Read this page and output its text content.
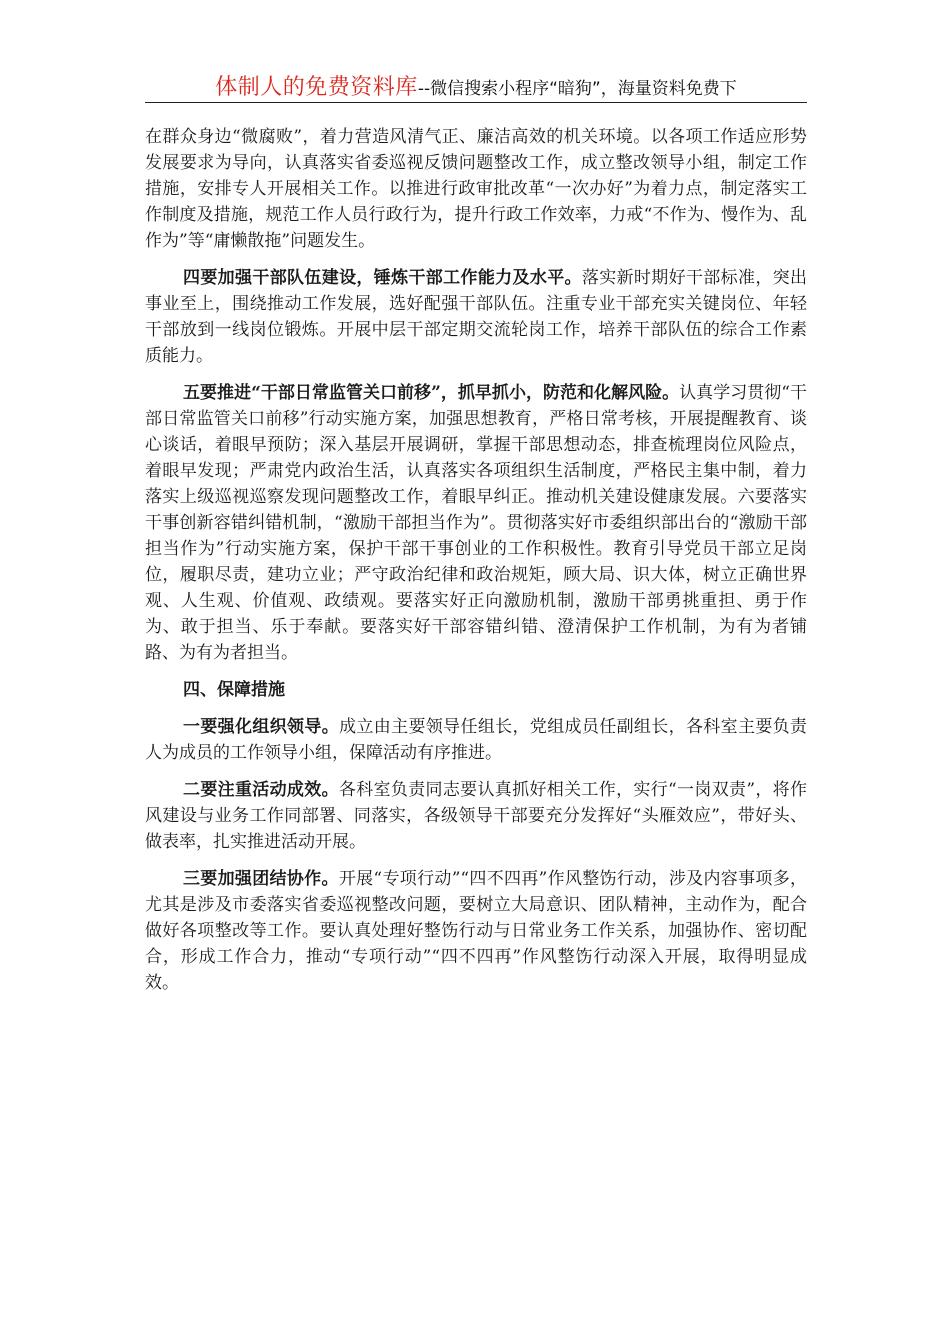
体制人的免费资料库--微信搜索小程序“暗狗”，海量资料免费下

在群众身边“微腐败”，着力营造风清气正、廉洁高效的机关环境。以各项工作适应形势发展要求为导向，认真落实省委巡视反馈问题整改工作，成立整改领导小组，制定工作措施，安排专人开展相关工作。以推进行政审批改革“一次办好”为着力点，制定落实工作制度及措施，规范工作人员行政行为，提升行政工作效率，力戒“不作为、慢作为、乱作为”等“庸懒散拖”问题发生。

四要加强干部队伍建设，锤炼干部工作能力及水平。落实新时期好干部标准，突出事业至上，围绕推动工作发展，选好配强干部队伍。注重专业干部充实关键岗位、年轻干部放到一线岗位锻炼。开展中层干部定期交流轮岗工作，培养干部队伍的综合工作素质能力。

五要推进“干部日常监管关口前移”，抓早抓小，防范和化解风险。认真学习贯彻“干部日常监管关口前移”行动实施方案，加强思想教育，严格日常考核，开展提醒教育、谈心谈话，着眼早预防；深入基层开展调研，掌握干部思想动态，排查梳理岗位风险点，着眼早发现；严肃党内政治生活，认真落实各项组织生活制度，严格民主集中制，着力落实上级巡视巡察发现问题整改工作，着眼早纠正。推动机关建设健康发展。六要落实干事创新容错纠错机制，“激励干部担当作为”。贯彻落实好市委组织部出台的“激励干部担当作为”行动实施方案，保护干部干事创业的工作积极性。教育引导党员干部立足岗位，履职尽责，建功立业；严守政治纪律和政治规矩，顾大局、识大体，树立正确世界观、人生观、价值观、政绩观。要落实好正向激励机制，激励干部勇挑重担、勇于作为、敢于担当、乐于奉献。要落实好干部容错纠错、澄清保护工作机制，为有为者铺路、为有为者担当。

四、保障措施

一要强化组织领导。成立由主要领导任组长，党组成员任副组长，各科室主要负责人为成员的工作领导小组，保障活动有序推进。

二要注重活动成效。各科室负责同志要认真抓好相关工作，实行“一岗双责”，将作风建设与业务工作同部署、同落实，各级领导干部要充分发挥好“头雁效应”，带好头、做表率，扎实推进活动开展。

三要加强团结协作。开展“专项行动”“四不四再”作风整饬行动，涉及内容事项多，尤其是涉及市委落实省委巡视整改问题，要树立大局意识、团队精神，主动作为，配合做好各项整改等工作。要认真处理好整饬行动与日常业务工作关系，加强协作、密切配合，形成工作合力，推动“专项行动”“四不四再”作风整饬行动深入开展，取得明显成效。
